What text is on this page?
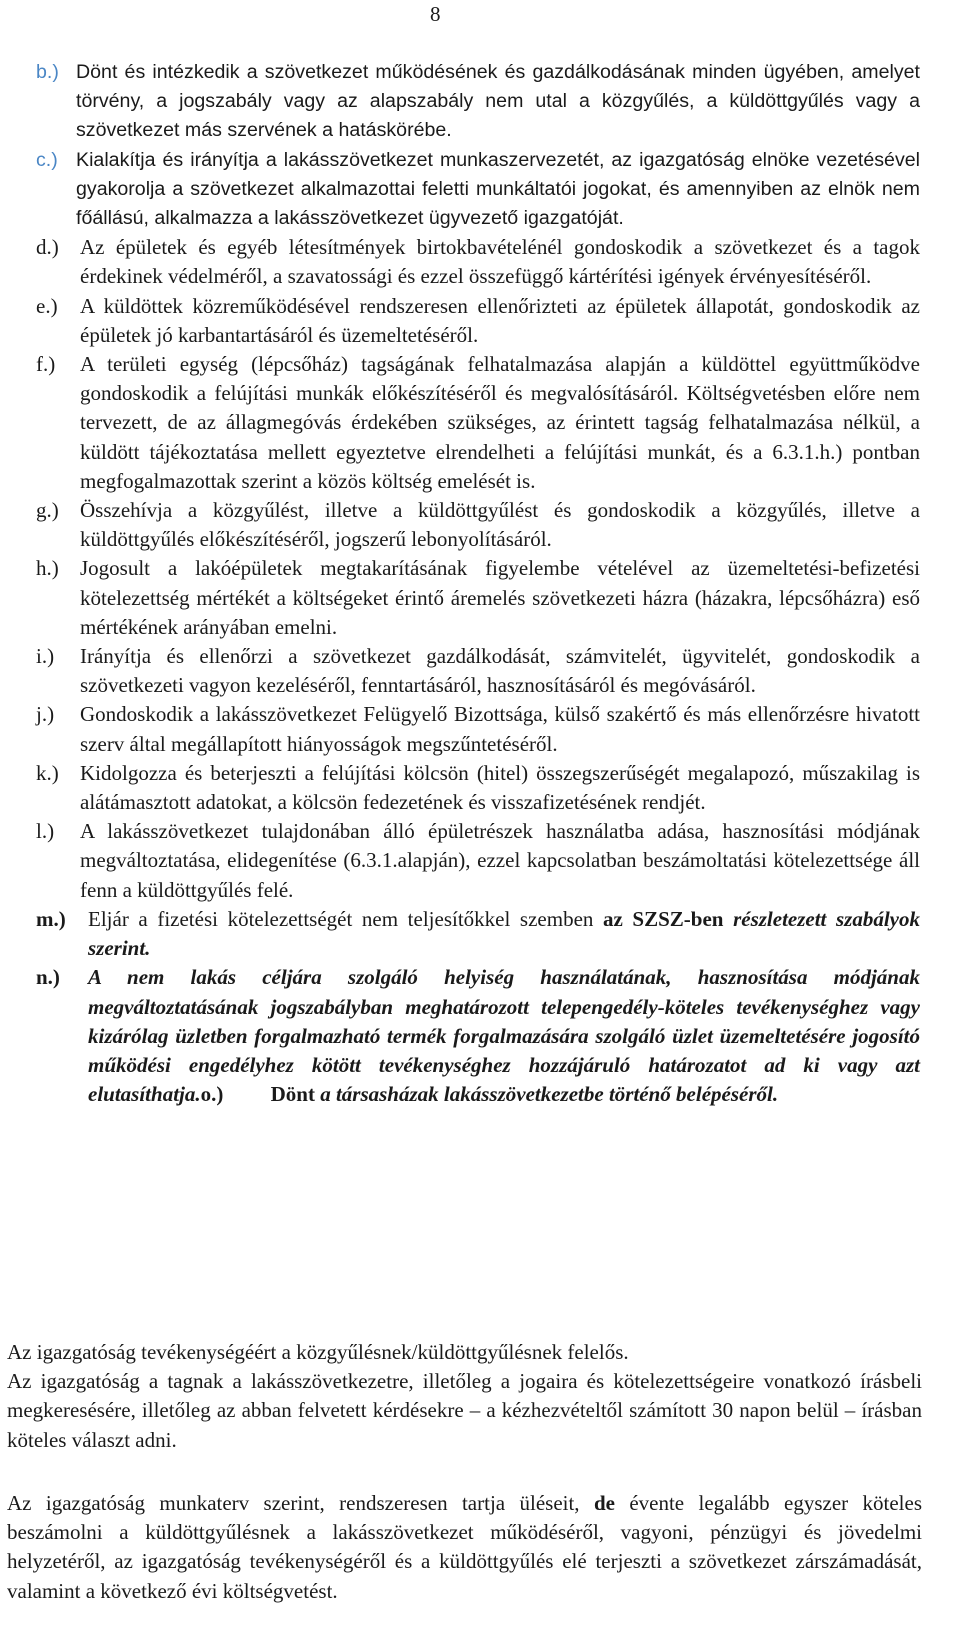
8
b.) Dönt és intézkedik a szövetkezet működésének és gazdálkodásának minden ügyében, amelyet törvény, a jogszabály vagy az alapszabály nem utal a közgyűlés, a küldöttgyűlés vagy a szövetkezet más szervének a hatáskörébe.
c.) Kialakítja és irányítja a lakásszövetkezet munkaszervezetét, az igazgatóság elnöke vezetésével gyakorolja a szövetkezet alkalmazottai feletti munkáltatói jogokat, és amennyiben az elnök nem főállású, alkalmazza a lakásszövetkezet ügyvezető igazgatóját.
d.)	Az épületek és egyéb létesítmények birtokbavételénél gondoskodik a szövetkezet és a tagok érdekinek védelméről, a szavatossági és ezzel összefüggő kártérítési igények érvényesítéséről.
e.)	A küldöttek közreműködésével rendszeresen ellenőrizteti az épületek állapotát, gondoskodik az épületek jó karbantartásáról és üzemeltetéséről.
f.)	A területi egység (lépcsőház) tagságának felhatalmazása alapján a küldöttel együttműködve gondoskodik a felújítási munkák előkészítéséről és megvalósításáról. Költségvetésben előre nem tervezett, de az állagmegóvás érdekében szükséges, az érintett tagság felhatalmazása nélkül, a küldött tájékoztatása mellett egyeztetve elrendelheti a felújítási munkát, és a 6.3.1.h.) pontban megfogalmazottak szerint a közös költség emelését is.
g.)	Összehívja a közgyűlést, illetve a küldöttgyűlést és gondoskodik a közgyűlés, illetve a küldöttgyűlés előkészítéséről, jogszerű lebonyolításáról.
h.)	Jogosult a lakóépületek megtakarításának figyelembe vételével az üzemeltetési-befizetési kötelezettség mértékét a költségeket érintő áremelés szövetkezeti házra (házakra, lépcsőházra) eső mértékének arányában emelni.
i.)	Irányítja és ellenőrzi a szövetkezet gazdálkodását, számvitelét, ügyvitelét, gondoskodik a szövetkezeti vagyon kezeléséről, fenntartásáról, hasznosításáról és megóvásáról.
j.)	Gondoskodik a lakásszövetkezet Felügyelő Bizottsága, külső szakértő és más ellenőrzésre hivatott szerv által megállapított hiányosságok megszűntetéséről.
k.)	Kidolgozza és beterjeszti a felújítási kölcsön (hitel) összegszerűségét megalapozó, műszakilag is alátámasztott adatokat, a kölcsön fedezetének és visszafizetésének rendjét.
l.)	A lakásszövetkezet tulajdonában álló épületrészek használatba adása, hasznosítási módjának megváltoztatása, elidegenítése (6.3.1.alapján), ezzel kapcsolatban beszámoltatási kötelezettsége áll fenn a küldöttgyűlés felé.
m.)	Eljár a fizetési kötelezettségét nem teljesítőkkel szemben az SZSZ-ben részletezett szabályok szerint.
n.)	A nem lakás céljára szolgáló helyiség használatának, hasznosítása módjának megváltoztatásának jogszabályban meghatározott telepengedély-köteles tevékenységhez vagy kizárólag üzletben forgalmazható termék forgalmazására szolgáló üzlet üzemeltetésére jogosító működési engedélyhez kötött tevékenységhez hozzájáruló határozatot ad ki vagy azt elutasíthatja.o.) Dönt a társasházak lakásszövetkezetbe történő belépéséről.

Az igazgatóság tevékenységéért a közgyűlésnek/küldöttgyűlésnek felelős.

Az igazgatóság a tagnak a lakásszövetkezetre, illetőleg a jogaira és kötelezettségeire vonatkozó írásbeli megkeresésére, illetőleg az abban felvetett kérdésekre – a kézhezvételtől számított 30 napon belül – írásban köteles választ adni.

Az igazgatóság munkaterv szerint, rendszeresen tartja üléseit, de évente legalább egyszer köteles beszámolni a küldöttgyűlésnek a lakásszövetkezet működéséről, vagyoni, pénzügyi és jövedelmi helyzetéről, az igazgatóság tevékenységéről és a küldöttgyűlés elé terjeszti a szövetkezet zárszámadását, valamint a következő évi költségvetést.
